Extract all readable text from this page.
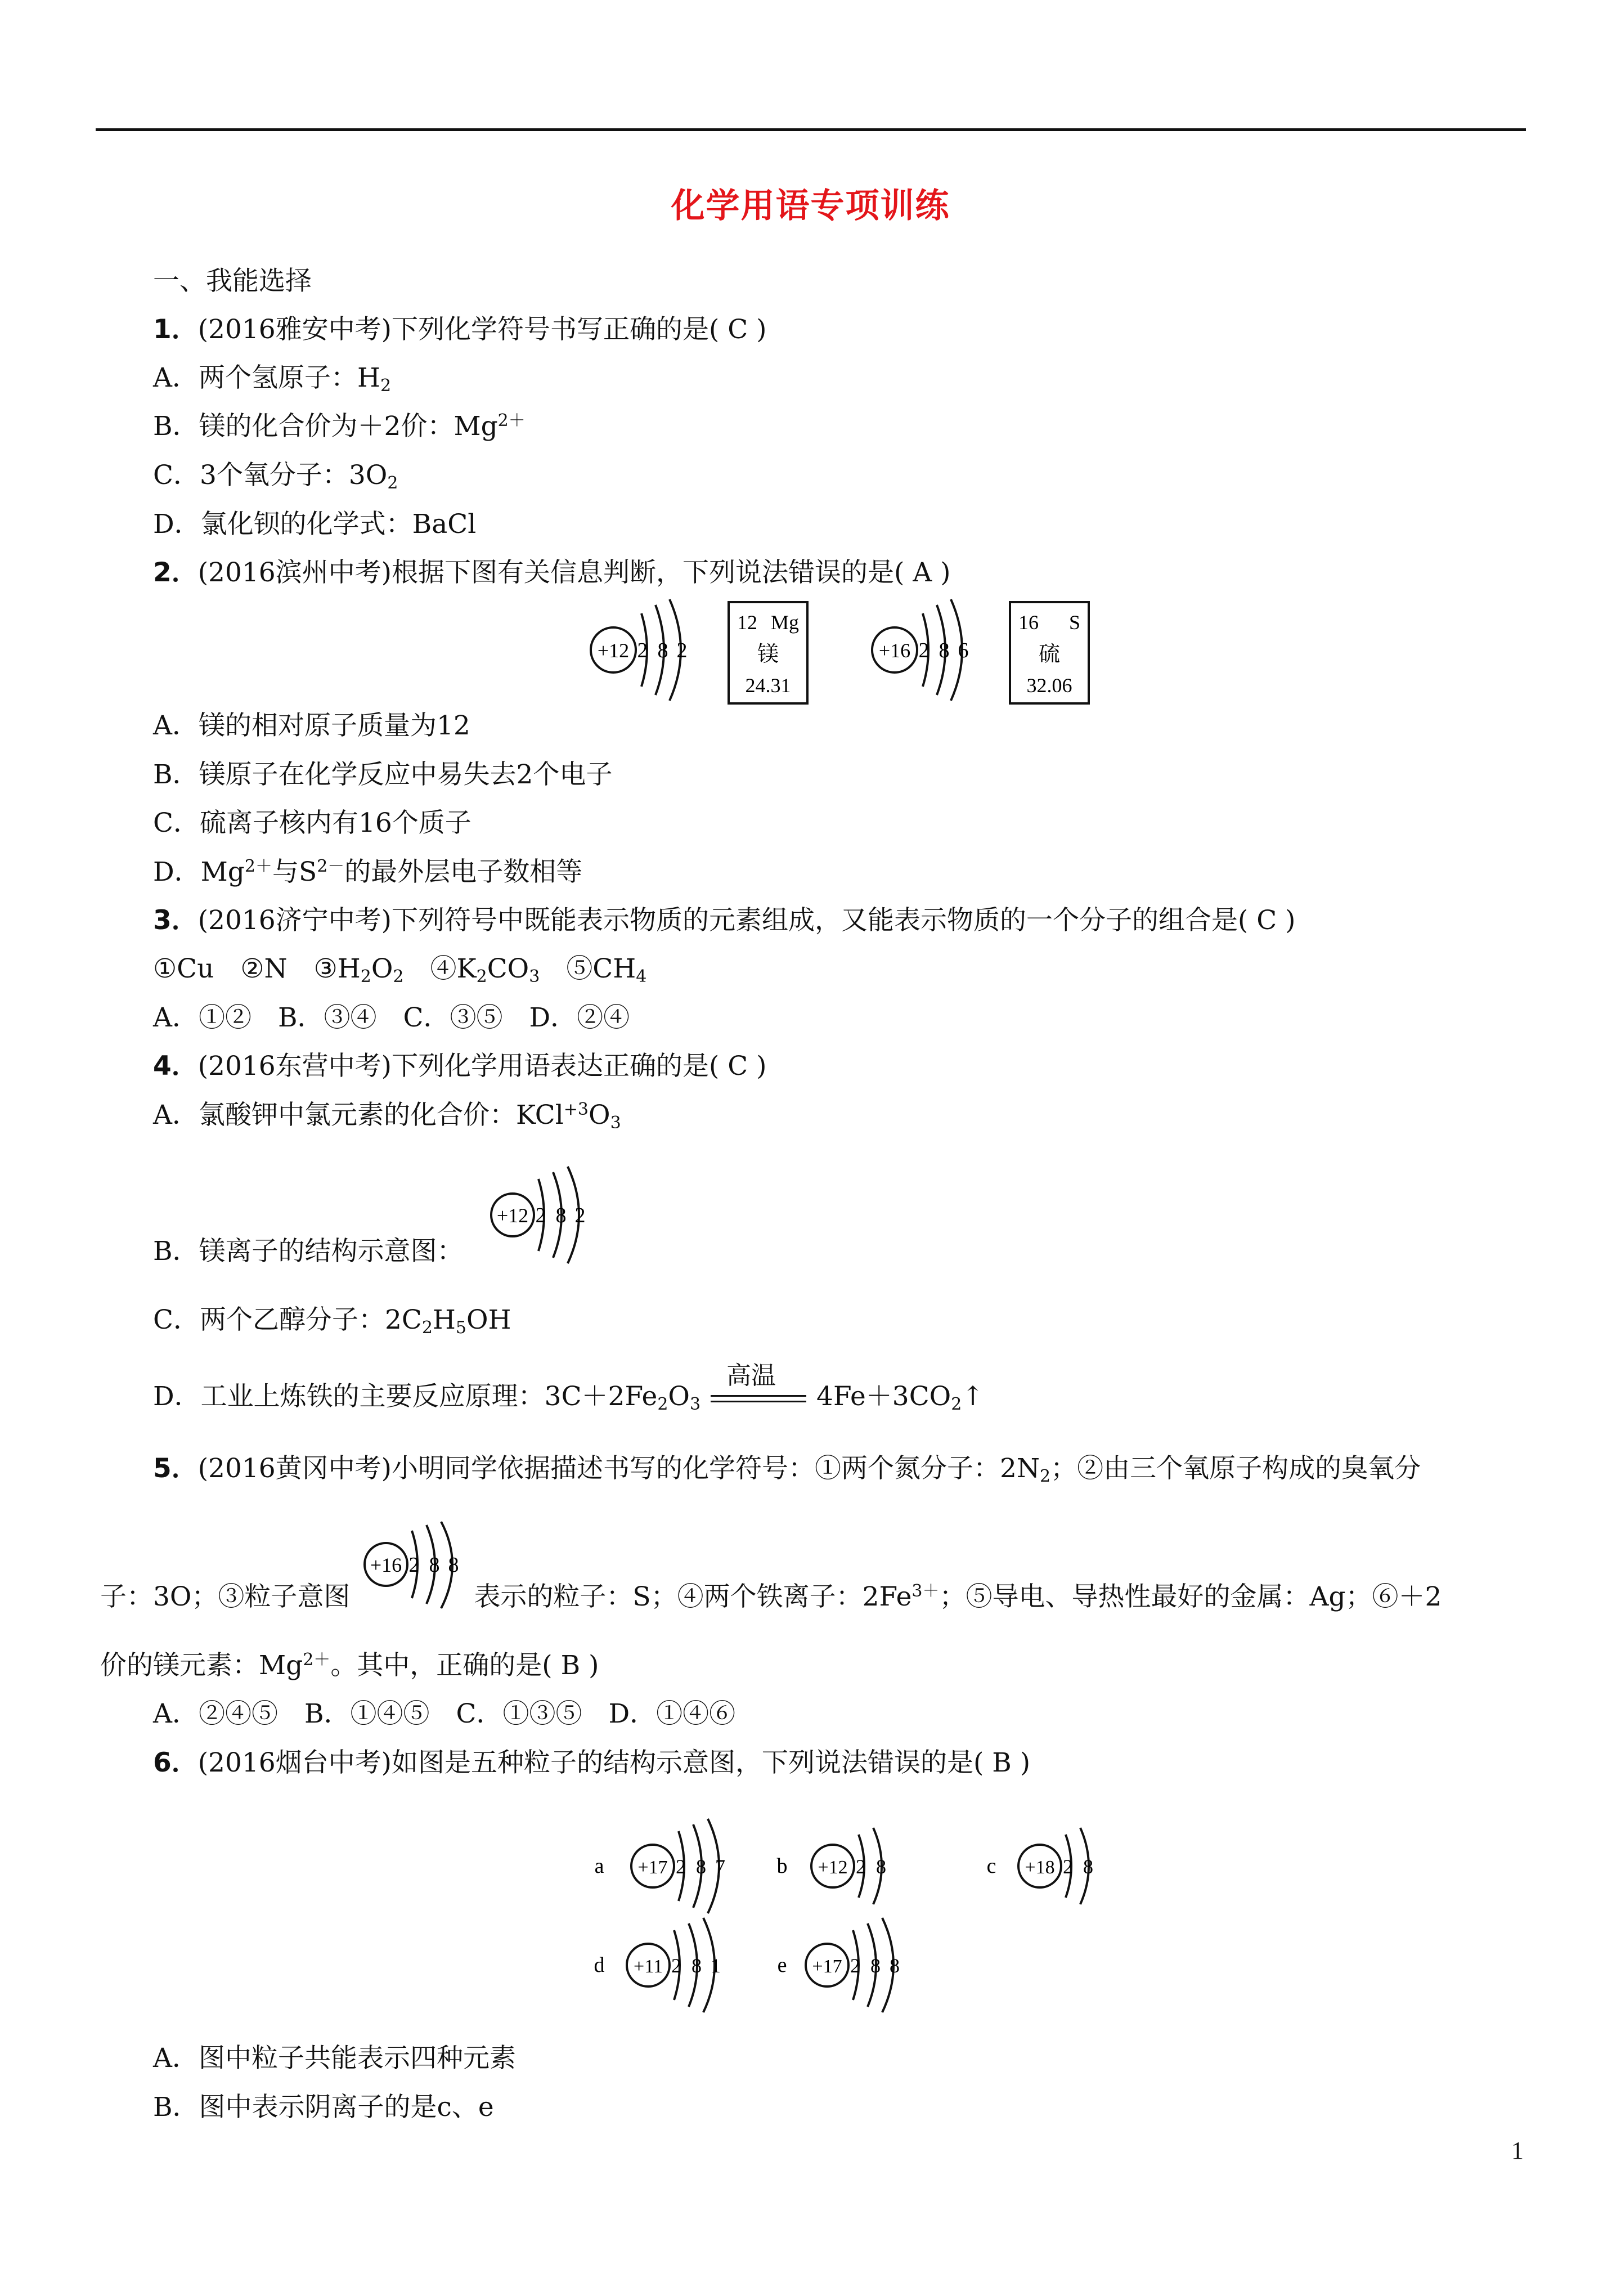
化学用语专项训练
一、我能选择
1．(2016雅安中考)下列化学符号书写正确的是( C )
A．两个氢原子：$H_2$
B．镁的化合价为＋2价：$Mg^{2+}$
C．3个氧分子：$3O_2$
D．氯化钡的化学式：BaCl
2．(2016滨州中考)根据下图有关信息判断，下列说法错误的是( A )
+12 2 8 2
12 Mg
镁
24.31
+16 2 8 6
16 S
硫
32.06
A．镁的相对原子质量为12
B．镁原子在化学反应中易失去2个电子
C．硫离子核内有16个质子
D．$Mg^{2+}$与$S^{2-}$的最外层电子数相等
3．(2016济宁中考)下列符号中既能表示物质的元素组成，又能表示物质的一个分子的组合是( C )
①Cu　 ②N　 $③H_2O_2$　 $④K_2CO_3$　 $⑤CH_4$
A．①②　B．③④　C．③⑤　D．②④
4．(2016东营中考)下列化学用语表达正确的是( C )
A．氯酸钾中氯元素的化合价：$KCl^{+3}O_3$
+12 2 8 2
B．镁离子的结构示意图：
C．两个乙醇分子：$2C_2H_5OH$
D．工业上炼铁的主要反应原理：$3C+2Fe_2O_3$
高温
$4Fe+3CO_2↑$
5．(2016黄冈中考)小明同学依据描述书写的化学符号：①两个氮分子：$2N_2$；②由三个氧原子构成的臭氧分
+16 2 8 8
子：3O；③粒子意图	表示的粒子：S；④两个铁离子：$2Fe^{3+}$；⑤导电、导热性最好的金属：Ag；⑥＋2
价的镁元素：$Mg^{2+}$。其中，正确的是( B )
A．②④⑤　B．①④⑤　C．①③⑤　D．①④⑥
6．(2016烟台中考)如图是五种粒子的结构示意图，下列说法错误的是( B )
a +17 2 8 7 b +12 2 8
d +11 2 8 1	e +17 2 8 8
c +18 2 8
A．图中粒子共能表示四种元素
B．图中表示阴离子的是c、e
1
